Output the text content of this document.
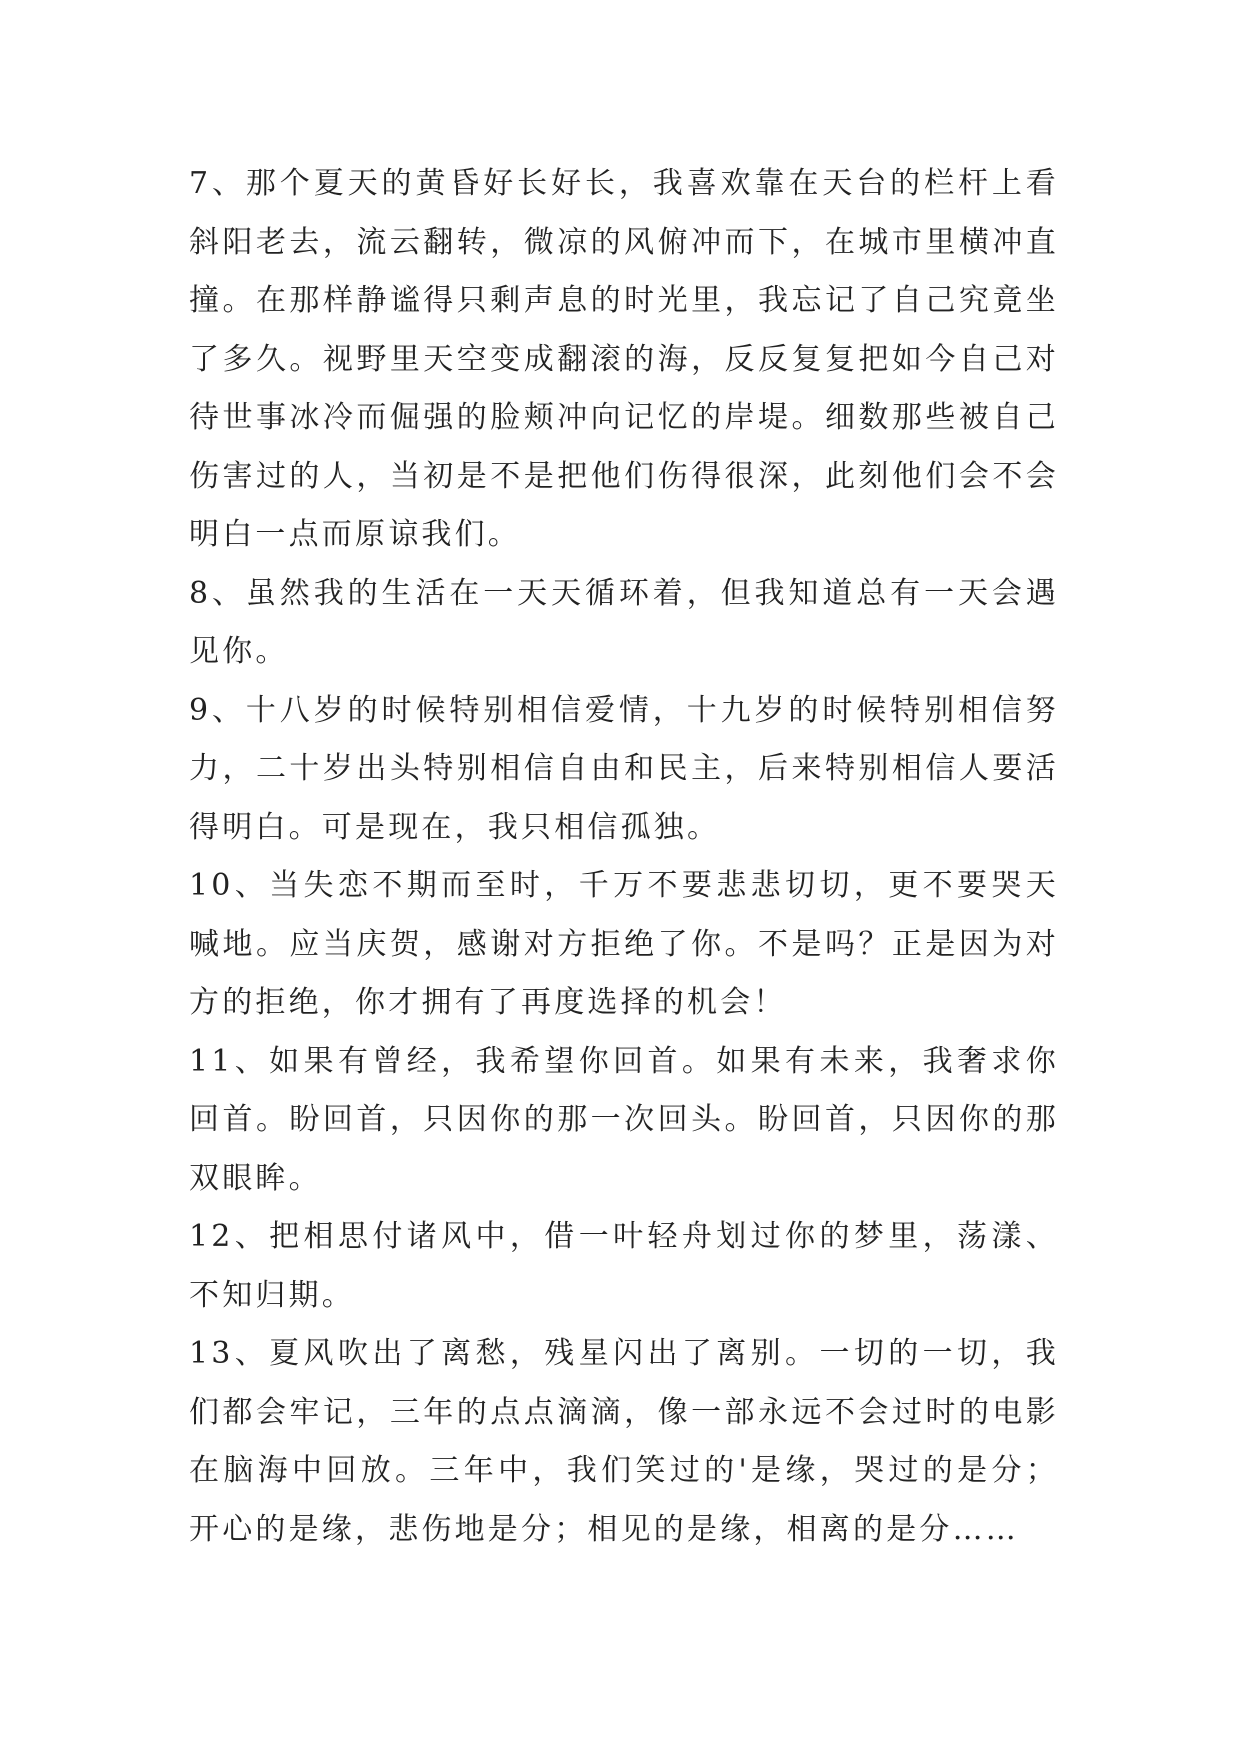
7、那个夏天的黄昏好长好长，我喜欢靠在天台的栏杆上看斜阳老去，流云翻转，微凉的风俯冲而下，在城市里横冲直撞。在那样静谧得只剩声息的时光里，我忘记了自己究竟坐了多久。视野里天空变成翻滚的海，反反复复把如今自己对待世事冰冷而倔强的脸颊冲向记忆的岸堤。细数那些被自己伤害过的人，当初是不是把他们伤得很深，此刻他们会不会明白一点而原谅我们。

8、虽然我的生活在一天天循环着，但我知道总有一天会遇见你。

9、十八岁的时候特别相信爱情，十九岁的时候特别相信努力，二十岁出头特别相信自由和民主，后来特别相信人要活得明白。可是现在，我只相信孤独。

10、当失恋不期而至时，千万不要悲悲切切，更不要哭天喊地。应当庆贺，感谢对方拒绝了你。不是吗？正是因为对方的拒绝，你才拥有了再度选择的机会！

11、如果有曾经，我希望你回首。如果有未来，我奢求你回首。盼回首，只因你的那一次回头。盼回首，只因你的那双眼眸。

12、把相思付诸风中，借一叶轻舟划过你的梦里，荡漾、不知归期。

13、夏风吹出了离愁，残星闪出了离别。一切的一切，我们都会牢记，三年的点点滴滴，像一部永远不会过时的电影在脑海中回放。三年中，我们笑过的'是缘，哭过的是分；开心的是缘，悲伤地是分；相见的是缘，相离的是分……
